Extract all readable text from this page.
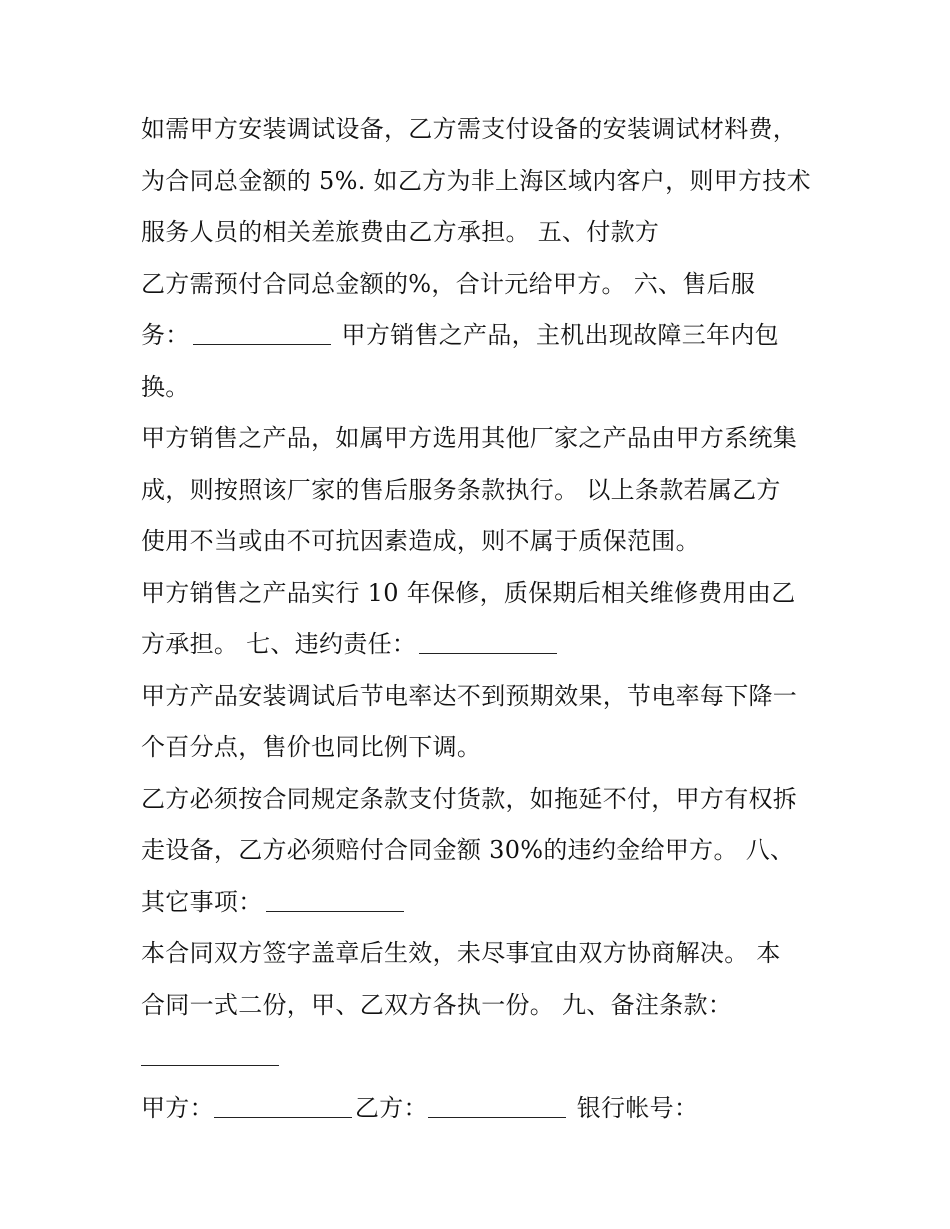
如需甲方安装调试设备，乙方需支付设备的安装调试材料费，
为合同总金额的 5%. 如乙方为非上海区域内客户，则甲方技术
服务人员的相关差旅费由乙方承担。 五、付款方
乙方需预付合同总金额的%，合计元给甲方。 六、售后服
务：	甲方销售之产品，主机出现故障三年内包
换。
甲方销售之产品，如属甲方选用其他厂家之产品由甲方系统集
成，则按照该厂家的售后服务条款执行。 以上条款若属乙方
使用不当或由不可抗因素造成，则不属于质保范围。
甲方销售之产品实行 10 年保修，质保期后相关维修费用由乙
方承担。 七、违约责任：
甲方产品安装调试后节电率达不到预期效果，节电率每下降一
个百分点，售价也同比例下调。
乙方必须按合同规定条款支付货款，如拖延不付，甲方有权拆
走设备，乙方必须赔付合同金额 30%的违约金给甲方。 八、
其它事项：
本合同双方签字盖章后生效，未尽事宜由双方协商解决。 本
合同一式二份，甲、乙双方各执一份。 九、备注条款：
甲方：	乙方：	银行帐号：
